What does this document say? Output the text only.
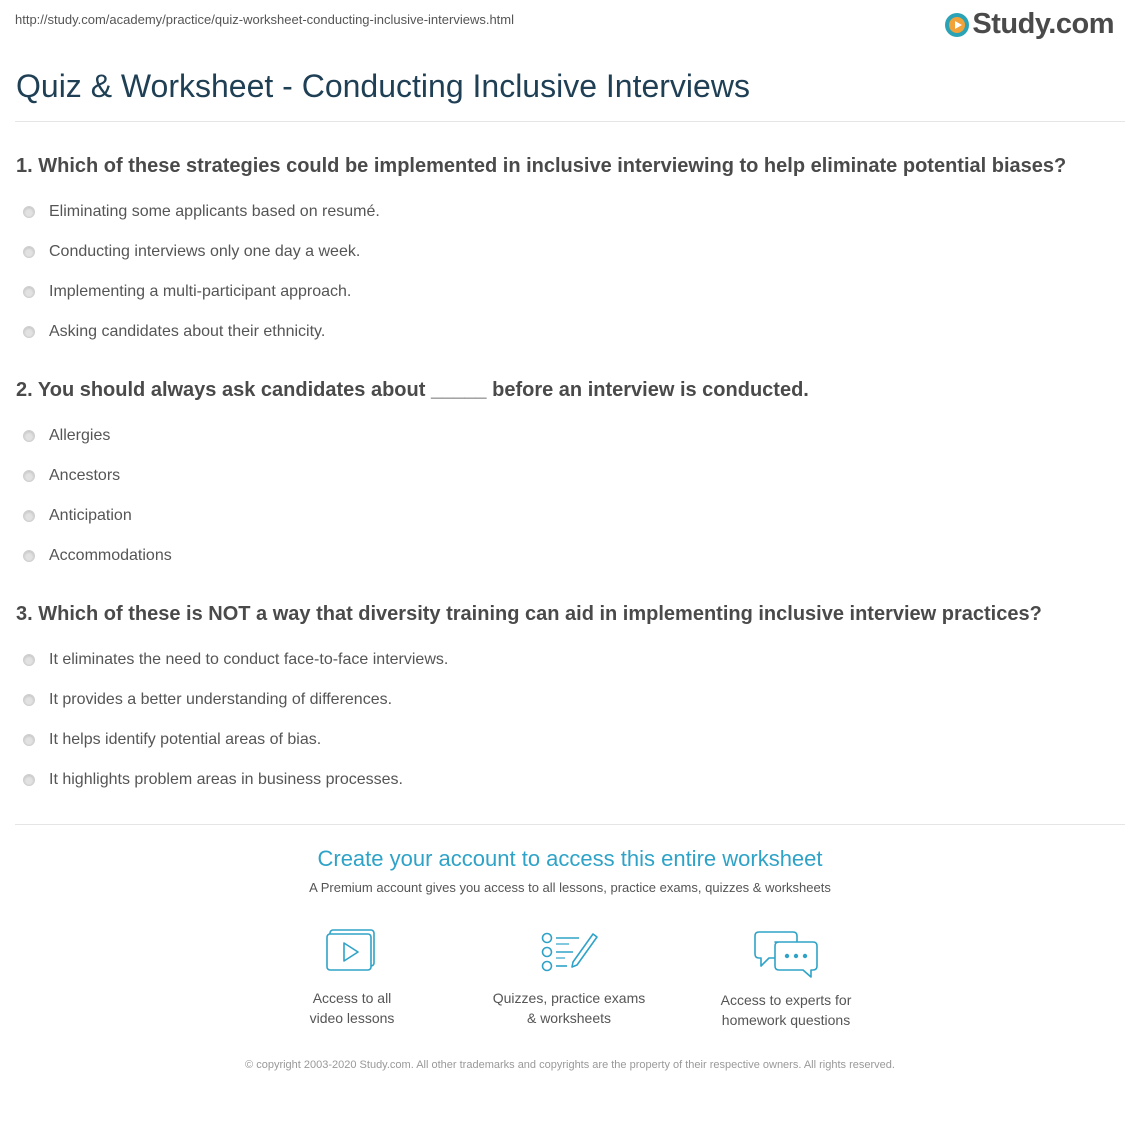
http://study.com/academy/practice/quiz-worksheet-conducting-inclusive-interviews.html	Study.com
Quiz & Worksheet - Conducting Inclusive Interviews

1. Which of these strategies could be implemented in inclusive interviewing to help eliminate potential biases?

Eliminating some applicants based on resumé.
Conducting interviews only one day a week.
Implementing a multi-participant approach.
Asking candidates about their ethnicity.

2. You should always ask candidates about _____ before an interview is conducted.

Allergies
Ancestors
Anticipation
Accommodations

3. Which of these is NOT a way that diversity training can aid in implementing inclusive interview practices?

It eliminates the need to conduct face-to-face interviews.
It provides a better understanding of differences.
It helps identify potential areas of bias.
It highlights problem areas in business processes.

Create your account to access this entire worksheet

A Premium account gives you access to all lessons, practice exams, quizzes & worksheets
Access to all
video lessons
Quizzes, practice exams
& worksheets
Access to experts for
homework questions
© copyright 2003-2020 Study.com. All other trademarks and copyrights are the property of their respective owners. All rights reserved.
